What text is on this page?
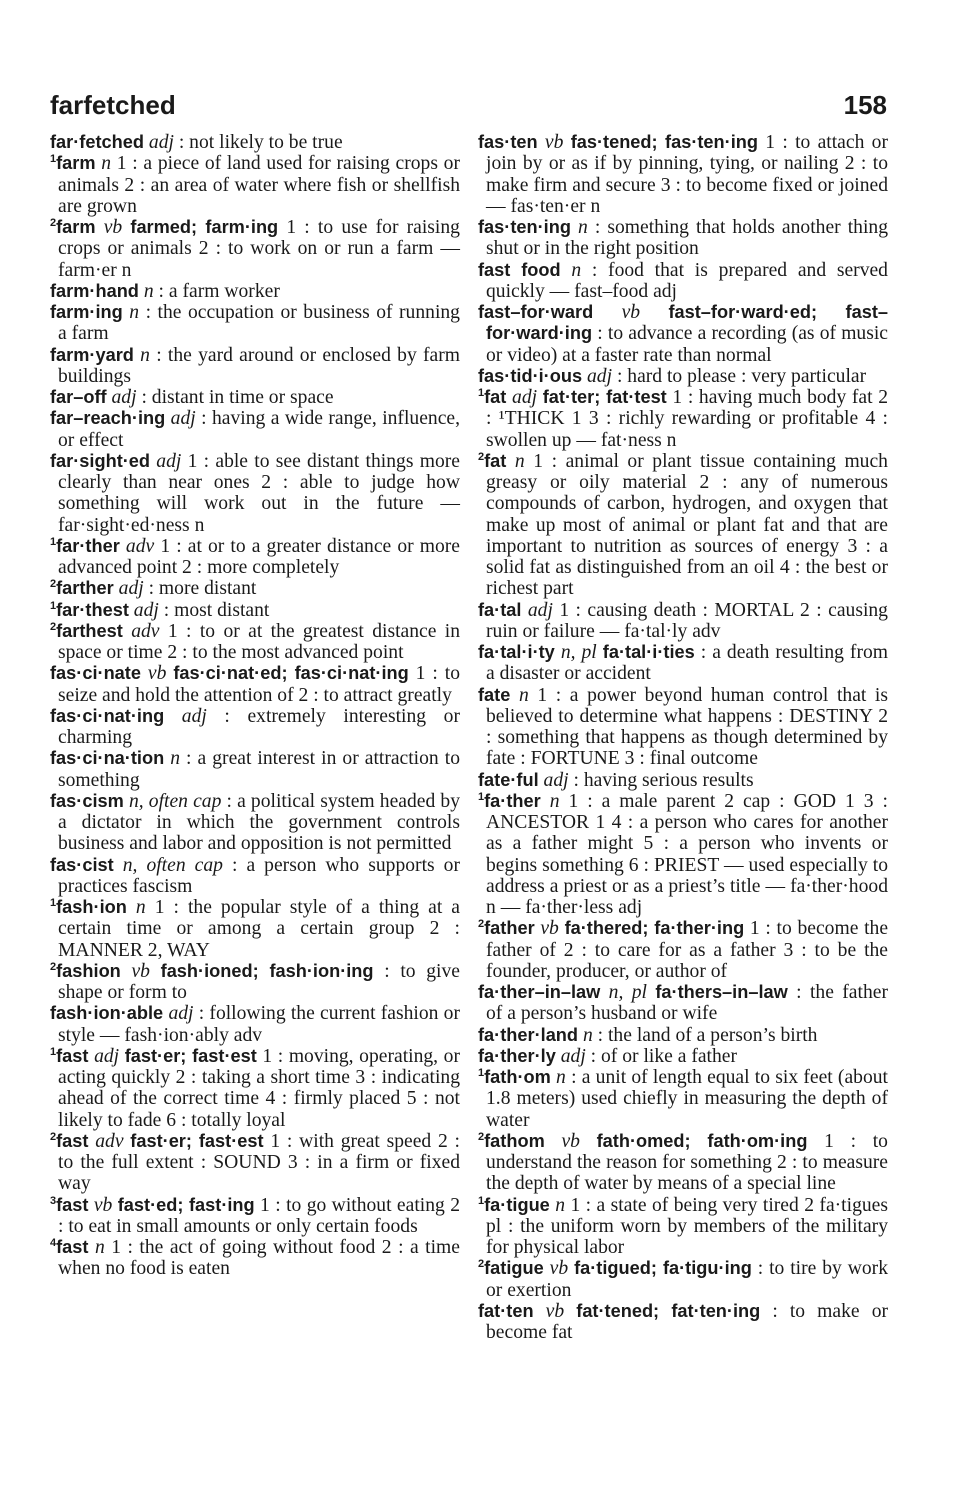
farfetched	158
far·fetched adj : not likely to be true
$^1$farm n 1 : a piece of land used for raising crops or animals 2 : an area of water where fish or shellfish are grown
$^2$farm vb farmed; farm·ing 1 : to use for raising crops or animals 2 : to work on or run a farm — farm·er n
farm·hand n : a farm worker
farm·ing n : the occupation or business of running a farm
farm·yard n : the yard around or enclosed by farm buildings
far–off adj : distant in time or space
far–reach·ing adj : having a wide range, influence, or effect
far·sight·ed adj 1 : able to see distant things more clearly than near ones 2 : able to judge how something will work out in the future — far·sight·ed·ness n
$^1$far·ther adv 1 : at or to a greater distance or more advanced point 2 : more completely
$^2$farther adj : more distant
$^1$far·thest adj : most distant
$^2$farthest adv 1 : to or at the greatest distance in space or time 2 : to the most advanced point
fas·ci·nate vb fas·ci·nat·ed; fas·ci·nat·ing 1 : to seize and hold the attention of 2 : to attract greatly
fas·ci·nat·ing adj : extremely interesting or charming
fas·ci·na·tion n : a great interest in or attraction to something
fas·cism n, often cap : a political system headed by a dictator in which the government controls business and labor and opposition is not permitted
fas·cist n, often cap : a person who supports or practices fascism
$^1$fash·ion n 1 : the popular style of a thing at a certain time or among a certain group 2 : MANNER 2, WAY
$^2$fashion vb fash·ioned; fash·ion·ing : to give shape or form to
fash·ion·able adj : following the current fashion or style — fash·ion·ably adv
$^1$fast adj fast·er; fast·est 1 : moving, operating, or acting quickly 2 : taking a short time 3 : indicating ahead of the correct time 4 : firmly placed 5 : not likely to fade 6 : totally loyal
$^2$fast adv fast·er; fast·est 1 : with great speed 2 : to the full extent : SOUND 3 : in a firm or fixed way
$^3$fast vb fast·ed; fast·ing 1 : to go without eating 2 : to eat in small amounts or only certain foods
$^4$fast n 1 : the act of going without food 2 : a time when no food is eaten
fas·ten vb fas·tened; fas·ten·ing 1 : to attach or join by or as if by pinning, tying, or nailing 2 : to make firm and secure 3 : to become fixed or joined — fas·ten·er n
fas·ten·ing n : something that holds another thing shut or in the right position
fast food n : food that is prepared and served quickly — fast–food adj
fast–for·ward vb fast–for·ward·ed; fast–for·ward·ing : to advance a recording (as of music or video) at a faster rate than normal
fas·tid·i·ous adj : hard to please : very particular
$^1$fat adj fat·ter; fat·test 1 : having much body fat 2 : ¹THICK 1 3 : richly rewarding or profitable 4 : swollen up — fat·ness n
$^2$fat n 1 : animal or plant tissue containing much greasy or oily material 2 : any of numerous compounds of carbon, hydrogen, and oxygen that make up most of animal or plant fat and that are important to nutrition as sources of energy 3 : a solid fat as distinguished from an oil 4 : the best or richest part
fa·tal adj 1 : causing death : MORTAL 2 : causing ruin or failure — fa·tal·ly adv
fa·tal·i·ty n, pl fa·tal·i·ties : a death resulting from a disaster or accident
fate n 1 : a power beyond human control that is believed to determine what happens : DESTINY 2 : something that happens as though determined by fate : FORTUNE 3 : final outcome
fate·ful adj : having serious results
$^1$fa·ther n 1 : a male parent 2 cap : GOD 1 3 : ANCESTOR 1 4 : a person who cares for another as a father might 5 : a person who invents or begins something 6 : PRIEST — used especially to address a priest or as a priest’s title — fa·ther·hood n — fa·ther·less adj
$^2$father vb fa·thered; fa·ther·ing 1 : to become the father of 2 : to care for as a father 3 : to be the founder, producer, or author of
fa·ther–in–law n, pl fa·thers–in–law : the father of a person’s husband or wife
fa·ther·land n : the land of a person’s birth
fa·ther·ly adj : of or like a father
$^1$fath·om n : a unit of length equal to six feet (about 1.8 meters) used chiefly in measuring the depth of water
$^2$fathom vb fath·omed; fath·om·ing 1 : to understand the reason for something 2 : to measure the depth of water by means of a special line
$^1$fa·tigue n 1 : a state of being very tired 2 fa·tigues pl : the uniform worn by members of the military for physical labor
$^2$fatigue vb fa·tigued; fa·tigu·ing : to tire by work or exertion
fat·ten vb fat·tened; fat·ten·ing : to make or become fat
